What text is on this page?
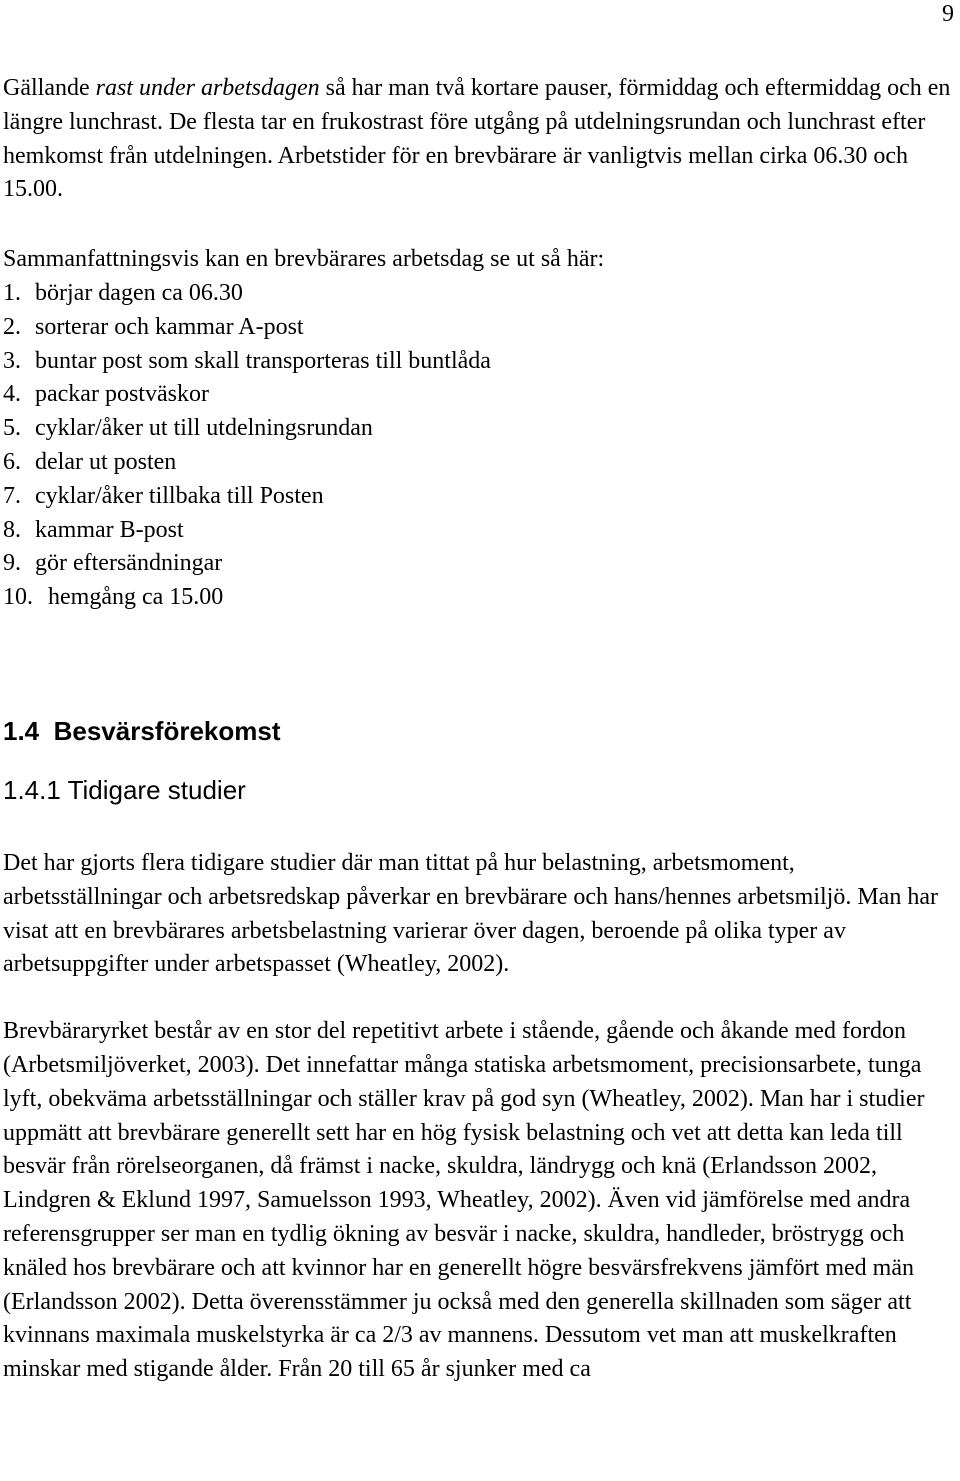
9

Gällande rast under arbetsdagen så har man två kortare pauser, förmiddag och eftermiddag och en längre lunchrast. De flesta tar en frukostrast före utgång på utdelningsrundan och lunchrast efter hemkomst från utdelningen. Arbetstider för en brevbärare är vanligtvis mellan cirka 06.30 och 15.00.

Sammanfattningsvis kan en brevbärares arbetsdag se ut så här:

1. börjar dagen ca 06.30
2. sorterar och kammar A-post
3. buntar post som skall transporteras till buntlåda
4. packar postväskor
5. cyklar/åker ut till utdelningsrundan
6. delar ut posten
7. cyklar/åker tillbaka till Posten
8. kammar B-post
9. gör eftersändningar
10. hemgång ca 15.00
1.4  Besvärsförekomst
1.4.1 Tidigare studier

Det har gjorts flera tidigare studier där man tittat på hur belastning, arbetsmoment, arbetsställningar och arbetsredskap påverkar en brevbärare och hans/hennes arbetsmiljö. Man har visat att en brevbärares arbetsbelastning varierar över dagen, beroende på olika typer av arbetsuppgifter under arbetspasset (Wheatley, 2002).

Brevbäraryrket består av en stor del repetitivt arbete i stående, gående och åkande med fordon (Arbetsmiljöverket, 2003). Det innefattar många statiska arbetsmoment, precisionsarbete, tunga lyft, obekväma arbetsställningar och ställer krav på god syn (Wheatley, 2002). Man har i studier uppmätt att brevbärare generellt sett har en hög fysisk belastning och vet att detta kan leda till besvär från rörelseorganen, då främst i nacke, skuldra, ländrygg och knä (Erlandsson 2002, Lindgren & Eklund 1997, Samuelsson 1993, Wheatley, 2002). Även vid jämförelse med andra referensgrupper ser man en tydlig ökning av besvär i nacke, skuldra, handleder, bröstrygg och knäled hos brevbärare och att kvinnor har en generellt högre besvärsfrekvens jämfört med män (Erlandsson 2002). Detta överensstämmer ju också med den generella skillnaden som säger att kvinnans maximala muskelstyrka är ca 2/3 av mannens. Dessutom vet man att muskelkraften minskar med stigande ålder. Från 20 till 65 år sjunker med ca
